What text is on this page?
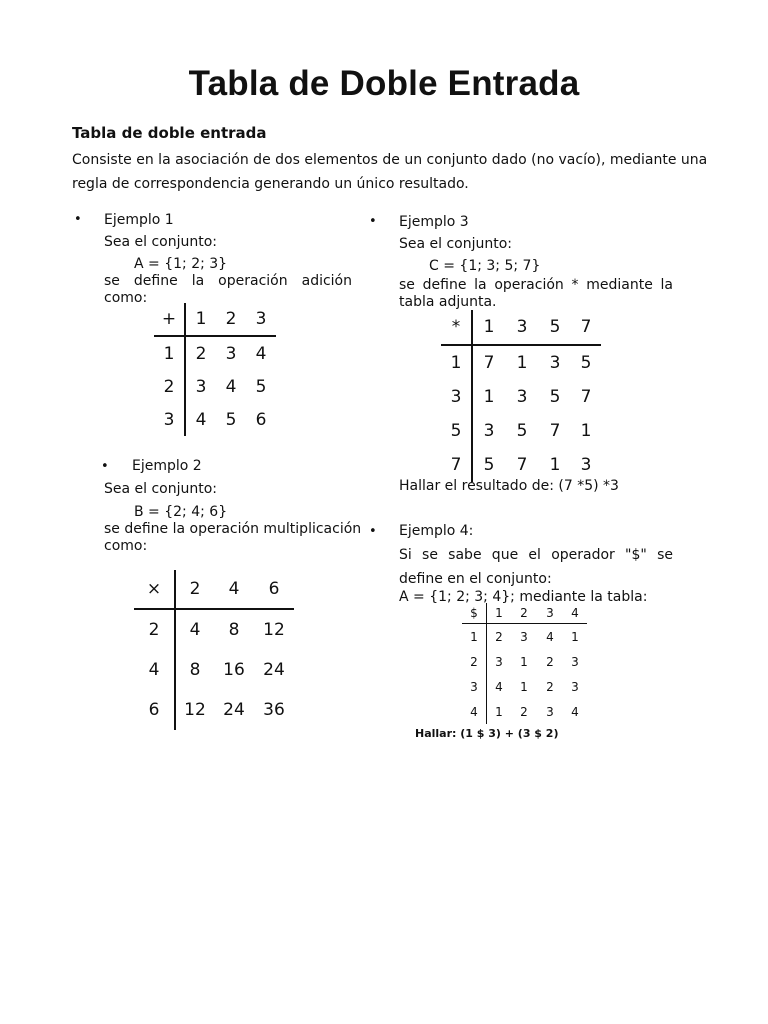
Tabla de Doble Entrada
Tabla de doble entrada
Consiste en la asociación de dos elementos de un conjunto dado (no vacío), mediante una regla de correspondencia generando un único resultado.
• Ejemplo 1
Sea el conjunto:
A = {1; 2; 3}
se define la operación adición
como:
+	1	2	3
1	2	3	4
2	3	4	5
3	4	5	6
• Ejemplo 2
Sea el conjunto:
B = {2; 4; 6}
se define la operación multiplicación
como:
×	2	4	6
2	4	8	12
4	8	16	24
6	12	24	36
• Ejemplo 3
Sea el conjunto:
C = {1; 3; 5; 7}
se define la operación * mediante la
tabla adjunta.
*	1	3	5	7
1	7	1	3	5
3	1	3	5	7
5	3	5	7	1
7	5	7	1	3
Hallar el resultado de: (7 *5) *3
• Ejemplo 4:
Si se sabe que el operador "$" se
define en el conjunto:
A = {1; 2; 3; 4}; mediante la tabla:
$	1	2	3	4
1	2	3	4	1
2	3	1	2	3
3	4	1	2	3
4	1	2	3	4
Hallar: (1 $ 3) + (3 $ 2)
